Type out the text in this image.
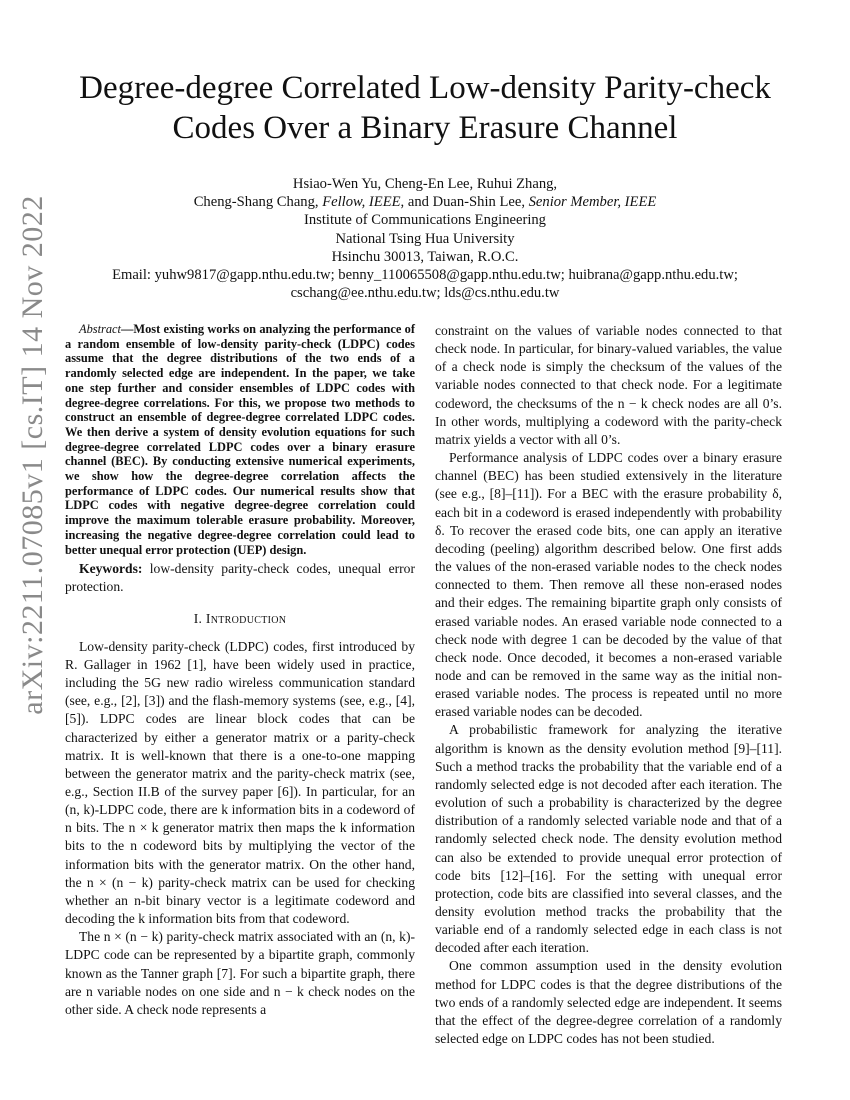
arXiv:2211.07085v1 [cs.IT] 14 Nov 2022
Degree-degree Correlated Low-density Parity-check
Codes Over a Binary Erasure Channel
Hsiao-Wen Yu, Cheng-En Lee, Ruhui Zhang,
Cheng-Shang Chang, Fellow, IEEE, and Duan-Shin Lee, Senior Member, IEEE
Institute of Communications Engineering
National Tsing Hua University
Hsinchu 30013, Taiwan, R.O.C.
Email: yuhw9817@gapp.nthu.edu.tw; benny_110065508@gapp.nthu.edu.tw; huibrana@gapp.nthu.edu.tw;
cschang@ee.nthu.edu.tw; lds@cs.nthu.edu.tw

Abstract—Most existing works on analyzing the performance of a random ensemble of low-density parity-check (LDPC) codes assume that the degree distributions of the two ends of a randomly selected edge are independent. In the paper, we take one step further and consider ensembles of LDPC codes with degree-degree correlations. For this, we propose two methods to construct an ensemble of degree-degree correlated LDPC codes. We then derive a system of density evolution equations for such degree-degree correlated LDPC codes over a binary erasure channel (BEC). By conducting extensive numerical experiments, we show how the degree-degree correlation affects the performance of LDPC codes. Our numerical results show that LDPC codes with negative degree-degree correlation could improve the maximum tolerable erasure probability. Moreover, increasing the negative degree-degree correlation could lead to better unequal error protection (UEP) design.

Keywords: low-density parity-check codes, unequal error protection.

I. Introduction

Low-density parity-check (LDPC) codes, first introduced by R. Gallager in 1962 [1], have been widely used in practice, including the 5G new radio wireless communication standard (see, e.g., [2], [3]) and the flash-memory systems (see, e.g., [4], [5]). LDPC codes are linear block codes that can be characterized by either a generator matrix or a parity-check matrix. It is well-known that there is a one-to-one mapping between the generator matrix and the parity-check matrix (see, e.g., Section II.B of the survey paper [6]). In particular, for an (n, k)-LDPC code, there are k information bits in a codeword of n bits. The n × k generator matrix then maps the k information bits to the n codeword bits by multiplying the vector of the information bits with the generator matrix. On the other hand, the n × (n − k) parity-check matrix can be used for checking whether an n-bit binary vector is a legitimate codeword and decoding the k information bits from that codeword.

The n × (n − k) parity-check matrix associated with an (n, k)-LDPC code can be represented by a bipartite graph, commonly known as the Tanner graph [7]. For such a bipartite graph, there are n variable nodes on one side and n − k check nodes on the other side. A check node represents a

constraint on the values of variable nodes connected to that check node. In particular, for binary-valued variables, the value of a check node is simply the checksum of the values of the variable nodes connected to that check node. For a legitimate codeword, the checksums of the n − k check nodes are all 0’s. In other words, multiplying a codeword with the parity-check matrix yields a vector with all 0’s.

Performance analysis of LDPC codes over a binary erasure channel (BEC) has been studied extensively in the literature (see e.g., [8]–[11]). For a BEC with the erasure probability δ, each bit in a codeword is erased independently with probability δ. To recover the erased code bits, one can apply an iterative decoding (peeling) algorithm described below. One first adds the values of the non-erased variable nodes to the check nodes connected to them. Then remove all these non-erased nodes and their edges. The remaining bipartite graph only consists of erased variable nodes. An erased variable node connected to a check node with degree 1 can be decoded by the value of that check node. Once decoded, it becomes a non-erased variable node and can be removed in the same way as the initial non-erased variable nodes. The process is repeated until no more erased variable nodes can be decoded.

A probabilistic framework for analyzing the iterative algorithm is known as the density evolution method [9]–[11]. Such a method tracks the probability that the variable end of a randomly selected edge is not decoded after each iteration. The evolution of such a probability is characterized by the degree distribution of a randomly selected variable node and that of a randomly selected check node. The density evolution method can also be extended to provide unequal error protection of code bits [12]–[16]. For the setting with unequal error protection, code bits are classified into several classes, and the density evolution method tracks the probability that the variable end of a randomly selected edge in each class is not decoded after each iteration.

One common assumption used in the density evolution method for LDPC codes is that the degree distributions of the two ends of a randomly selected edge are independent. It seems that the effect of the degree-degree correlation of a randomly selected edge on LDPC codes has not been studied.
